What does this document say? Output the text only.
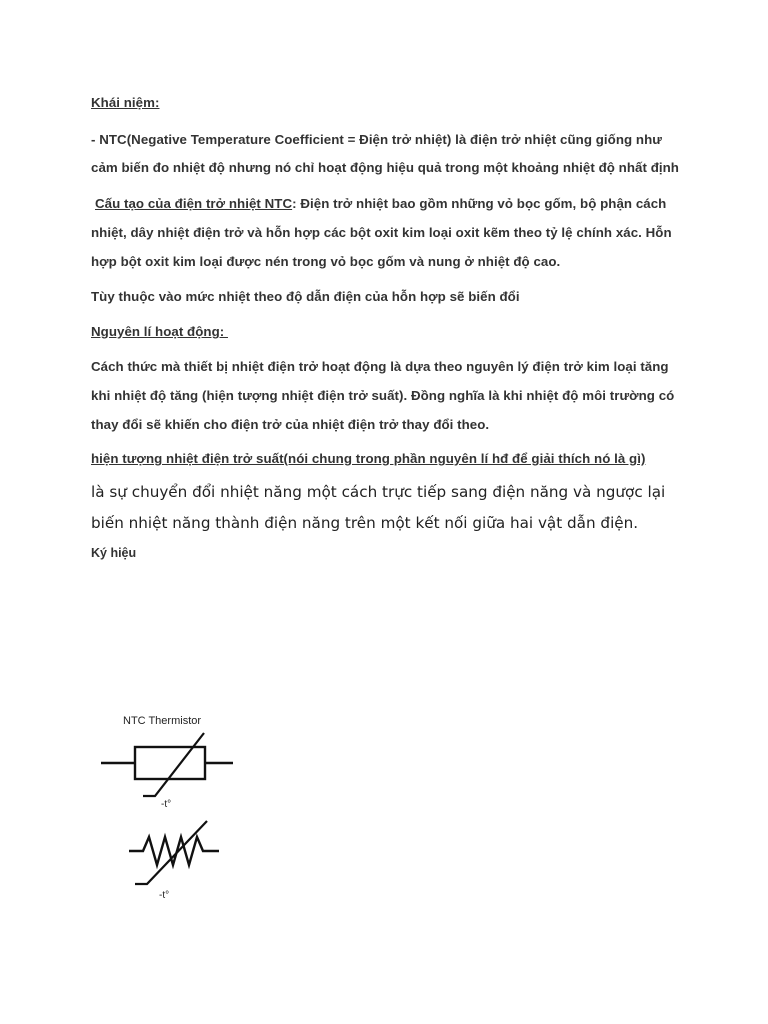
Khái niệm:

- NTC(Negative Temperature Coefficient = Điện trở nhiệt) là điện trở nhiệt cũng giống như cảm biến đo nhiệt độ nhưng nó chỉ hoạt động hiệu quả trong một khoảng nhiệt độ nhất định

Cấu tạo của điện trở nhiệt NTC: Điện trở nhiệt bao gồm những vỏ bọc gốm, bộ phận cách nhiệt, dây nhiệt điện trở và hỗn hợp các bột oxit kim loại oxit kẽm theo tỷ lệ chính xác. Hỗn hợp bột oxit kim loại được nén trong vỏ bọc gốm và nung ở nhiệt độ cao.

Tùy thuộc vào mức nhiệt theo độ dẫn điện của hỗn hợp sẽ biến đổi

Nguyên lí hoạt động:

Cách thức mà thiết bị nhiệt điện trở hoạt động là dựa theo nguyên lý điện trở kim loại tăng khi nhiệt độ tăng (hiện tượng nhiệt điện trở suất). Đồng nghĩa là khi nhiệt độ môi trường có thay đổi sẽ khiến cho điện trở của nhiệt điện trở thay đổi theo.

hiện tượng nhiệt điện trở suất(nói chung trong phần nguyên lí hđ để giải thích nó là gì)

là sự chuyển đổi nhiệt năng một cách trực tiếp sang điện năng và ngược lại biến nhiệt năng thành điện năng trên một kết nối giữa hai vật dẫn điện.

Ký hiệu

NTC Thermistor
-t°
-t°
